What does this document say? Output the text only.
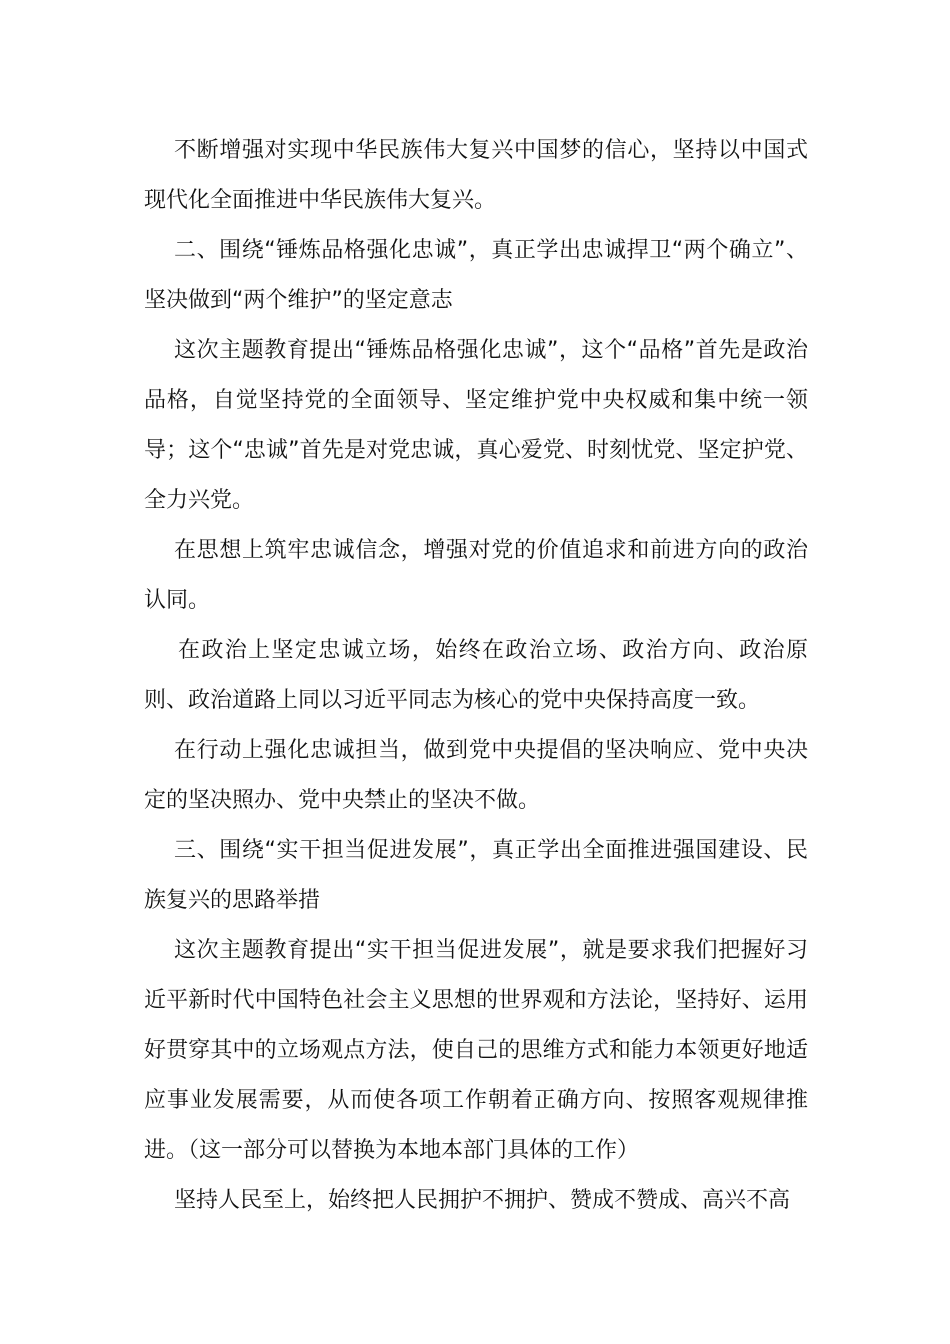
不断增强对实现中华民族伟大复兴中国梦的信心，坚持以中国式现代化全面推进中华民族伟大复兴。

二、围绕“锤炼品格强化忠诚”，真正学出忠诚捍卫“两个确立”、坚决做到“两个维护”的坚定意志

这次主题教育提出“锤炼品格强化忠诚”，这个“品格”首先是政治品格，自觉坚持党的全面领导、坚定维护党中央权威和集中统一领导；这个“忠诚”首先是对党忠诚，真心爱党、时刻忧党、坚定护党、全力兴党。

在思想上筑牢忠诚信念，增强对党的价值追求和前进方向的政治认同。

在政治上坚定忠诚立场，始终在政治立场、政治方向、政治原则、政治道路上同以习近平同志为核心的党中央保持高度一致。

在行动上强化忠诚担当，做到党中央提倡的坚决响应、党中央决定的坚决照办、党中央禁止的坚决不做。

三、围绕“实干担当促进发展”，真正学出全面推进强国建设、民族复兴的思路举措

这次主题教育提出“实干担当促进发展”，就是要求我们把握好习近平新时代中国特色社会主义思想的世界观和方法论，坚持好、运用好贯穿其中的立场观点方法，使自己的思维方式和能力本领更好地适应事业发展需要，从而使各项工作朝着正确方向、按照客观规律推进。（这一部分可以替换为本地本部门具体的工作）

坚持人民至上，始终把人民拥护不拥护、赞成不赞成、高兴不高
